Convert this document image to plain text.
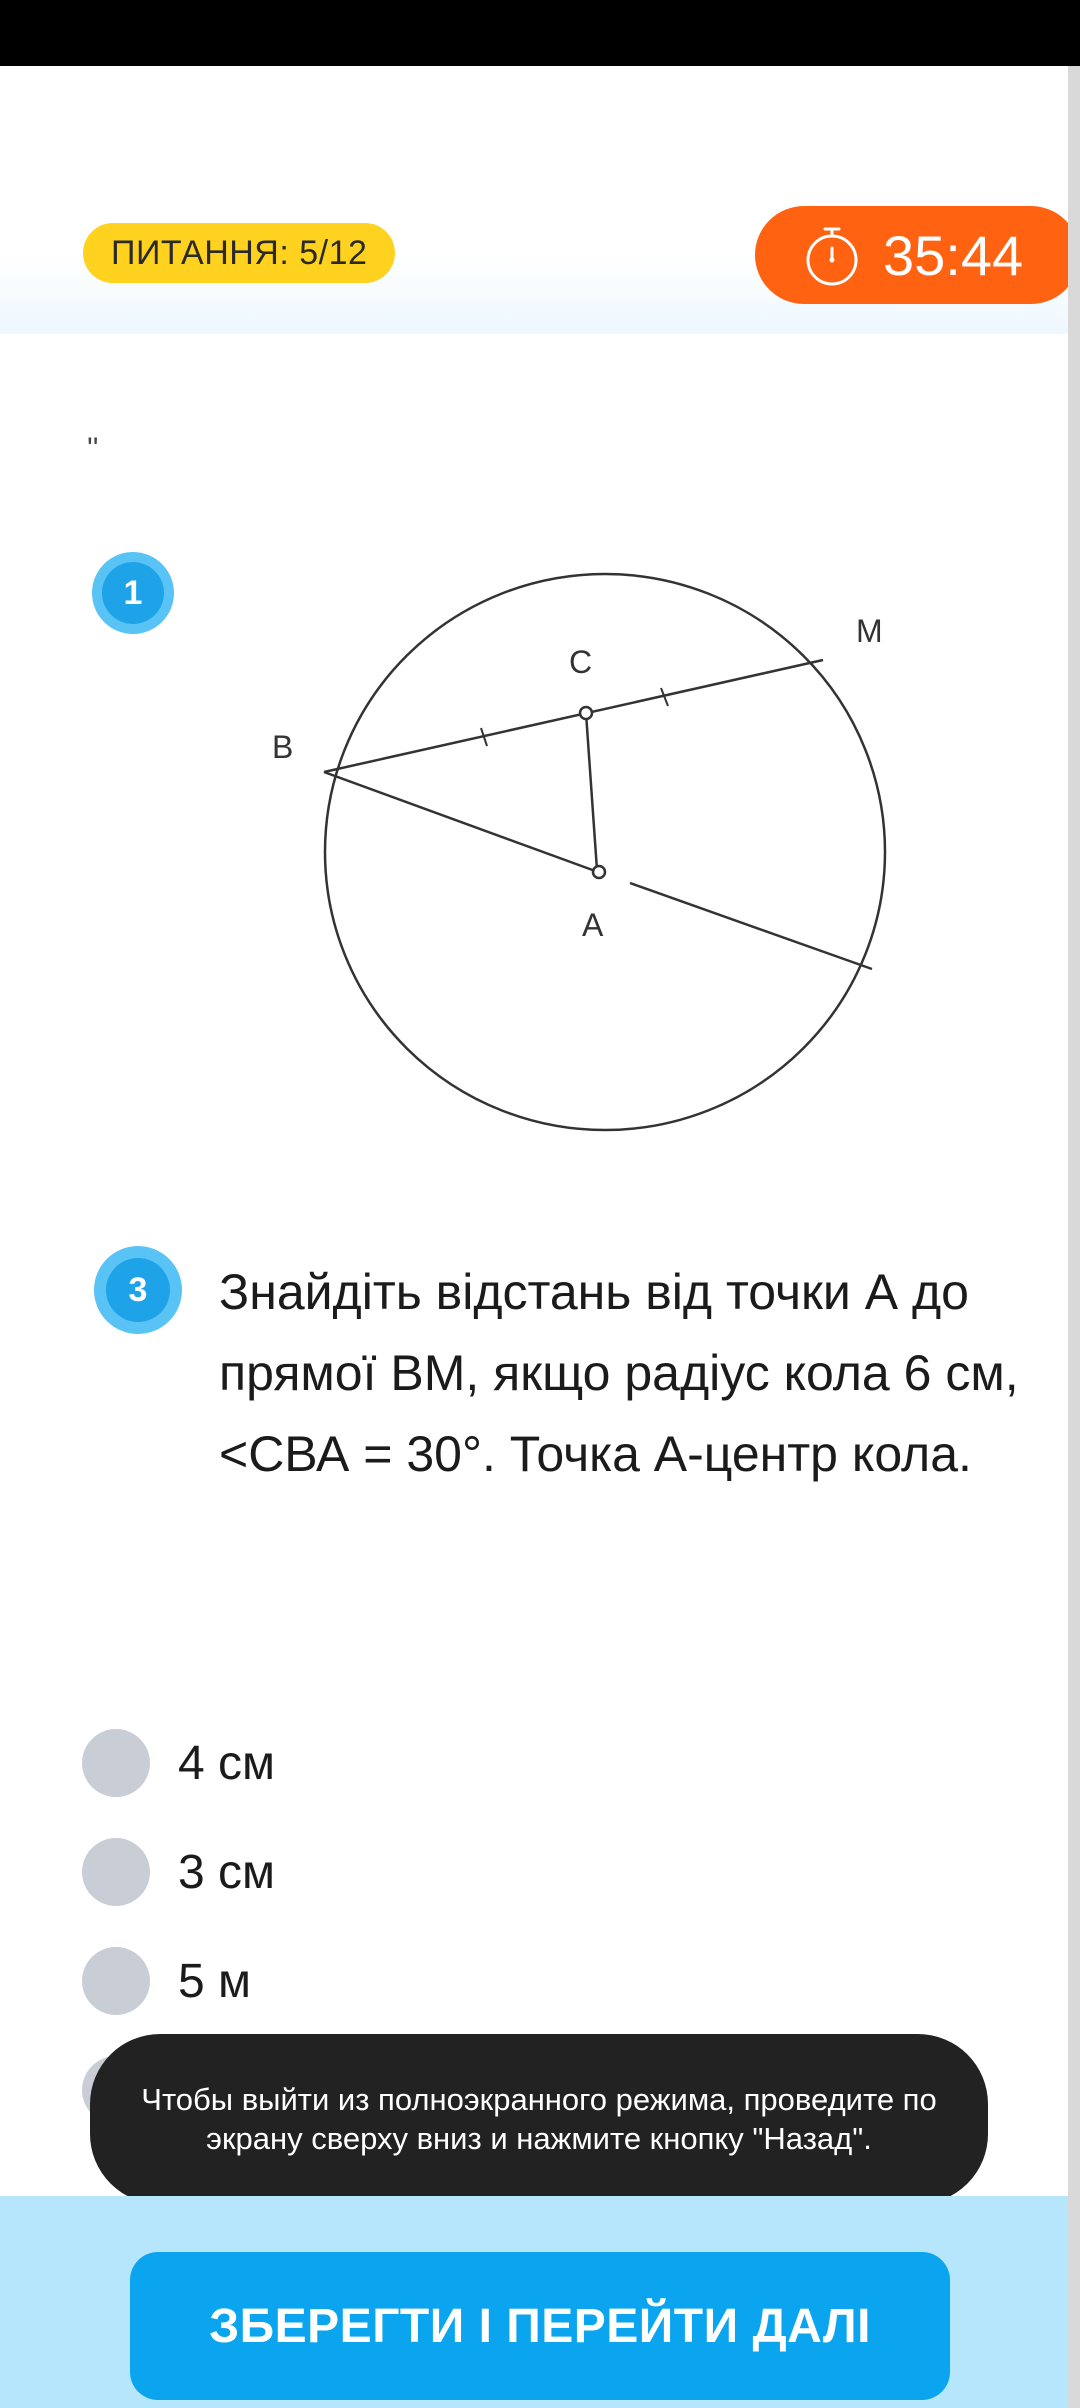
ПИТАННЯ: 5/12	35:44
''
1
M
C
B
A
3	Знайдіть відстань від точки А до прямої ВМ, якщо радіус кола 6 см, <СВА = 30°. Точка А-центр кола.
4 см
3 см
5 м
Чтобы выйти из полноэкранного режима, проведите по экрану сверху вниз и нажмите кнопку "Назад".
ЗБЕРЕГТИ І ПЕРЕЙТИ ДАЛІ
